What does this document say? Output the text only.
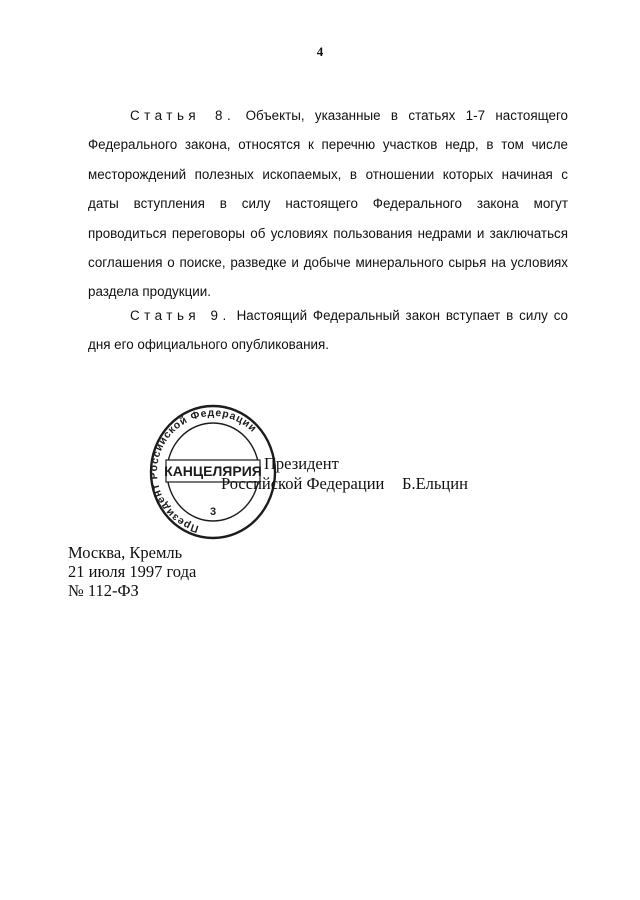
4

Статья 8. Объекты, указанные в статьях 1-7 настоящего Федерального закона, относятся к перечню участков недр, в том числе месторождений полезных ископаемых, в отношении которых начиная с даты вступления в силу настоящего Федерального закона могут проводиться переговоры об условиях пользования недрами и заключаться соглашения о поиске, разведке и добыче минерального сырья на условиях раздела продукции.

Статья 9. Настоящий Федеральный закон вступает в силу со дня его официального опубликования.

Президент Российской Федерации
КАНЦЕЛЯРИЯ
3
Президент
Российской Федерации Б.Ельцин
Москва, Кремль
21 июля 1997 года
№ 112-ФЗ
